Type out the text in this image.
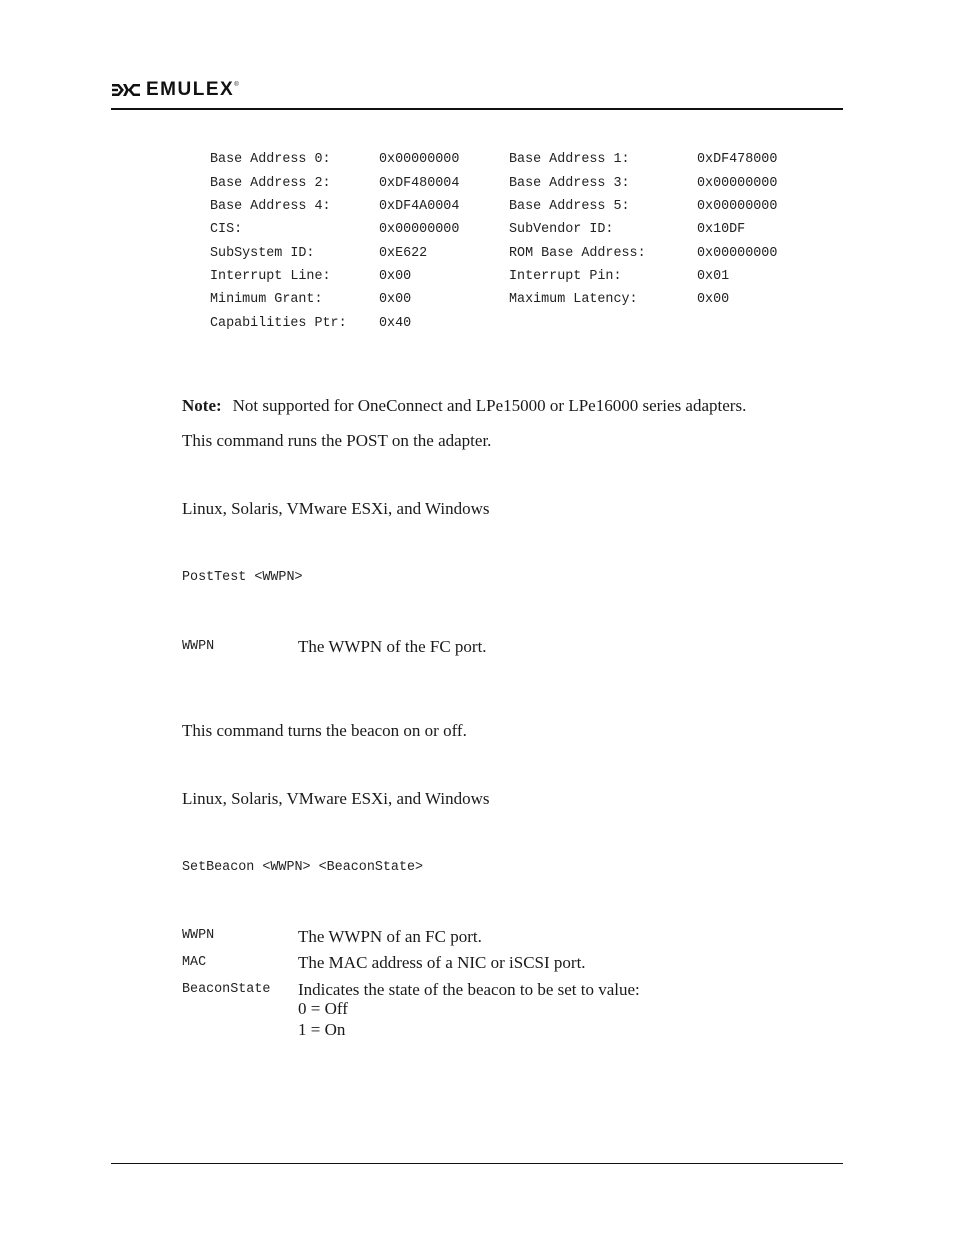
EMULEX ®
Base Address 0:	0x00000000	Base Address 1:	0xDF478000
Base Address 2:	0xDF480004	Base Address 3:	0x00000000
Base Address 4:	0xDF4A0004	Base Address 5:	0x00000000
CIS:	0x00000000	SubVendor ID:	0x10DF
SubSystem ID:	0xE622	ROM Base Address:	0x00000000
Interrupt Line:	0x00	Interrupt Pin:	0x01
Minimum Grant:	0x00	Maximum Latency:	0x00
Capabilities Ptr: 0x40
Note: Not supported for OneConnect and LPe15000 or LPe16000 series adapters.
This command runs the POST on the adapter.
Linux, Solaris, VMware ESXi, and Windows
PostTest <WWPN>
WWPN	The WWPN of the FC port.
This command turns the beacon on or off.
Linux, Solaris, VMware ESXi, and Windows
SetBeacon <WWPN> <BeaconState>
WWPN	The WWPN of an FC port.
MAC	The MAC address of a NIC or iSCSI port.
BeaconState Indicates the state of the beacon to be set to value:
0 = Off
1 = On
